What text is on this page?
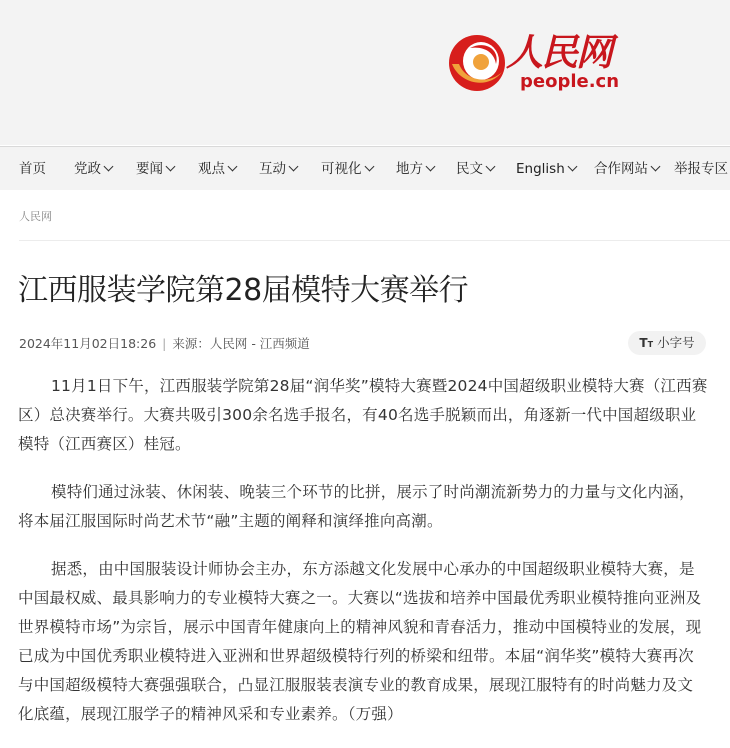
人民网
people.cn
首页 党政	要闻	观点	互动	可视化	地方	民文	English	合作网站	举报专区
人民网
江西服装学院第28届模特大赛举行
2024年11月02日18:26 | 来源：人民网 - 江西频道	TT 小字号

11月1日下午，江西服装学院第28届“润华奖”模特大赛暨2024中国超级职业模特大赛（江西赛区）总决赛举行。大赛共吸引300余名选手报名，有40名选手脱颖而出，角逐新一代中国超级职业模特（江西赛区）桂冠。

模特们通过泳装、休闲装、晚装三个环节的比拼，展示了时尚潮流新势力的力量与文化内涵，将本届江服国际时尚艺术节“融”主题的阐释和演绎推向高潮。

据悉，由中国服装设计师协会主办，东方添越文化发展中心承办的中国超级职业模特大赛，是中国最权威、最具影响力的专业模特大赛之一。大赛以“选拔和培养中国最优秀职业模特推向亚洲及世界模特市场”为宗旨，展示中国青年健康向上的精神风貌和青春活力，推动中国模特业的发展，现已成为中国优秀职业模特进入亚洲和世界超级模特行列的桥梁和纽带。本届“润华奖”模特大赛再次与中国超级模特大赛强强联合，凸显江服服装表演专业的教育成果，展现江服特有的时尚魅力及文化底蕴，展现江服学子的精神风采和专业素养。（万强）
